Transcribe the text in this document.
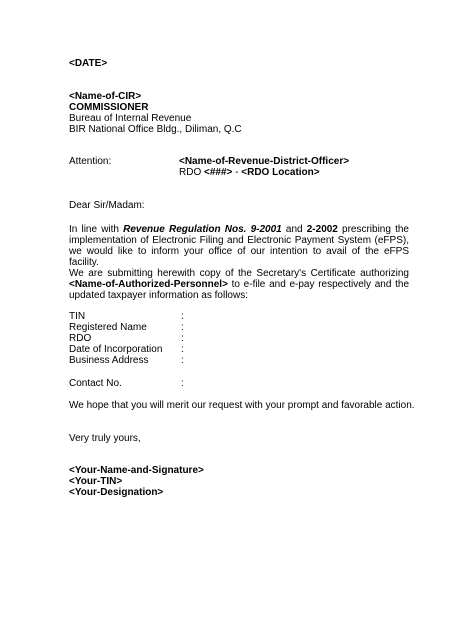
<DATE>
<Name-of-CIR>
COMMISSIONER
Bureau of Internal Revenue
BIR National Office Bldg., Diliman, Q.C
Attention:	<Name-of-Revenue-District-Officer>
RDO <###> - <RDO Location>
Dear Sir/Madam:
In line with Revenue Regulation Nos. 9-2001 and 2-2002 prescribing the implementation of Electronic Filing and Electronic Payment System (eFPS), we would like to inform your office of our intention to avail of the eFPS facility.
We are submitting herewith copy of the Secretary's Certificate authorizing <Name-of-Authorized-Personnel> to e-file and e-pay respectively and the updated taxpayer information as follows:
TIN	:
Registered Name	:
RDO	:
Date of Incorporation :
Business Address	:
Contact No.	:
We hope that you will merit our request with your prompt and favorable action.
Very truly yours,
<Your-Name-and-Signature>
<Your-TIN>
<Your-Designation>
